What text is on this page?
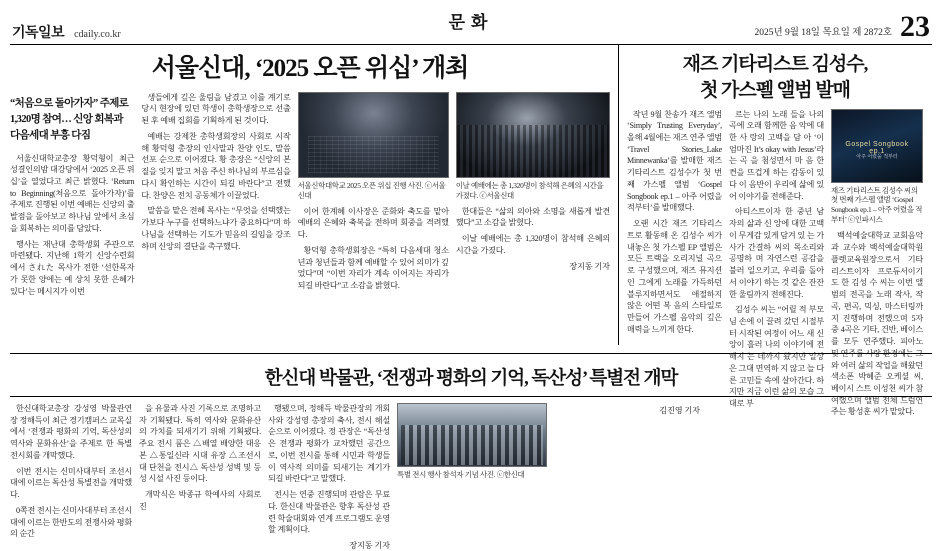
기독일보 cdaily.co.kr
문화
2025년 9월 18일 목요일 제 2872호 23
서울신대, ‘2025 오픈 위십’ 개최
“처음으로 돌아가자” 주제로 1,320명 참여… 신앙 회복과 다음세대 부흥 다짐

서울신대학교총장 황덕형이 최근 성결인의밤 대강당에서 ‘2025 오픈 위십’을 열었다고 최근 밝혔다. ‘Return to Beginning(처음으로 돌아가자)’를 주제로 진행된 이번 예배는 신앙의 출발점을 돌아보고 하나님 앞에서 초심을 회복하는 의미를 담았다.

행사는 재난대 총학생회 주관으로 마련됐다. 지난해 1학기 신앙수련회에서 された 목사가 전한 ‘선한목자가 못한 양에는 예 상치 못한 은혜가 있다’는 메시지가 이번

생들에게 깊은 울림을 남겼고 이를 계기로 당시 현장에 있던 학생이 총학생장으로 선출된 후 예배 집회를 기획하게 된 것이다.

예배는 강제찬 총학생회장의 사회로 시작해 황덕형 총장의 인사말과 찬양 인도, 말씀 선포 순으로 이어졌다. 황 총장은 “신앙의 본질을 잊지 말고 처음 주신 하나님의 부르심을 다시 확인하는 시간이 되길 바란다”고 전했다. 찬양은 전치 공동체가 이끌었다.

말씀을 맡은 전혜 목사는 “무엇을 선택했는가보다 누구를 선택하느냐가 중요하다”며 하나님을 선택하는 기도가 믿음의 길임을 강조하며 신앙의 결단을 촉구했다.

서울신학대학교 2025 오픈 위십 진행 사진. ⓒ서울신대

이어 한계혜 이사장은 준화와 축도를 맡아 예배의 은혜와 축복을 전하며 회중을 격려했다.

황덕형 총학생회장은 “특히 다음세대 청소년과 청년들과 함께 예배할 수 있어 의미가 깊었다”며 “이번 자리가 계속 이어지는 자리가 되길 바란다”고 소감을 밝혔다.

이날 예배에는 총 1,320명이 참석해 은혜의 시간을 가졌다. ⓒ서울신대

한대들은 “삶의 의아와 소명을 새롭게 발견했다”고 소감을 밝혔다.

이날 예배에는 총 1,320명이 참석해 은혜의 시간을 가졌다.

장지동 기자
재즈 기타리스트 김성수,
첫 가스펠 앨범 발매

작년 9월 찬송가 재즈 앨범 ‘Simply Trusting Everyday’, 올해 4월에는 재즈 연주 앨범 ‘Travel Stories_Lake Minnewanka’를 발매한 재즈 기타리스트 김성수가 첫 번째 가스펠 앨범 ‘Gospel Songbook ep.1 – 아주 어렸을 적부터’를 발매했다.

오랜 시간 재즈 기타리스트로 활동해 온 김성수 씨가 내놓은 첫 가스펠 EP 앨범은 모든 트랙을 오리지널 곡으로 구성했으며, 재즈 뮤지션인 그에게 노래를 가득하던 블루지하면서도 애절하지 않은 어떤 복 음의 스타일로 만들어 가스펠 음악의 깊은 매력을 느끼게 한다.

르는 나의 노래 들을 나의 곡에 오래 함께한 음 악에 대한 사 랑의 고백을 담 아 ‘이 엄마진 It’s okay with Jesus’라는 곡 을 첨성면서 마 음 한 켠을 뜨겁게 하는 감동이 있 다 이 음반이 우리에 삶에 있어 이야기를 전해준다.

아티스트이자 한 중년 남자의 삶과 신 앙에 대한 고백이 무게감 있게 담겨 있 는 가사가 간결하 씨의 목소리와 공명하 며 자연스런 공감을 불러 일으키고, 우리를 돌아서 이야기 하는 것 같은 잔잔한 울림까지 전해진다.

김성수 씨는 “어릴 적 부모님 손에 이 끌려 갔던 시절부터 시작된 여정이 어느 새 신앙이 흘러 나의 이야기에 전해지 는 데까지 왔지만 일상은 그대 면역하 지 않고 늘 다른 고민들 속에 살아간다. 하지만 지금 이런 삶의 모습 그대로 부

Gospel Songbook ep.1
아주 어렸을 적부터
재즈 기타리스트 김성수 씨의 첫 번째 가스펠 앨범 ‘Gospel Songbook ep.1 – 아주 어렸을 적부터’ ⓒ인파시스

백석예술대학교 교회음악과 교수와 백석예술대학원 플렛교육원장으로서 기타리스트이자 프로듀서이기도 한 김성 수 씨는 이번 앨범의 전곡을 노래 작사, 작곡, 편곡, 믹싱, 마스터링까지 진행하며 전했으며 5자 중 4곡은 기타, 건반, 베이스를 모두 연주했다. 피아노 및 연주를 사랑 환경에는 그와 여러 삶의 작업을 해왔던 색소폰 박혜준 오케셜 씨, 베이시 스트 이성천 씨가 참여했으며 앨범 전체 드럼연주는 황성훈 씨가 맡았다.

한신대 박물관, ‘전쟁과 평화의 기억, 독산성’ 특별전 개막

한신대학교총장 강성영 박물관연장 정해득이 최근 경기캠퍼스 교목실에서 ‘전쟁과 평화의 기억, 독산성의 역사와 문화유산’을 주제로 한 특별전시회를 개막했다.

이번 전시는 신미사대부터 조선시대에 이르는 독산성 특별전을 개막했다.

0쪽전 전시는 신미사대부터 조선시대에 이르는 한반도의 전쟁사와 평화의 순간

을 유물과 사진 기록으로 조명하고자 기획됐다. 특히 역사와 문화유산의 가치를 되새기기 위해 기획됐다. 주요 전시 품은 △배열 배양한 대응본 △통일신라 시대 유장 △조선시대 단천을 전시△ 독산성 성벽 및 등성 시설 사진 등이다.

개막식은 박종규 학예사의 사회로 진

행됐으며, 정해득 박물관장의 개회사와 강성영 총장의 축사, 전시 해설 순으로 이어졌다. 정 관장은 “독산성은 전쟁과 평화가 교차했던 공간으로, 이번 전시를 통해 시민과 학생들이 역사적 의미를 되새기는 계기가 되길 바란다”고 말했다.

전시는 연중 진행되며 관람은 무료다. 한신대 박물관은 향후 독산성 관련 학술대회와 연계 프로그램도 운영할 계획이다.

장지동 기자
특별 전시 행사 참석자 기념 사진. ⓒ한신대
김진영 기자
